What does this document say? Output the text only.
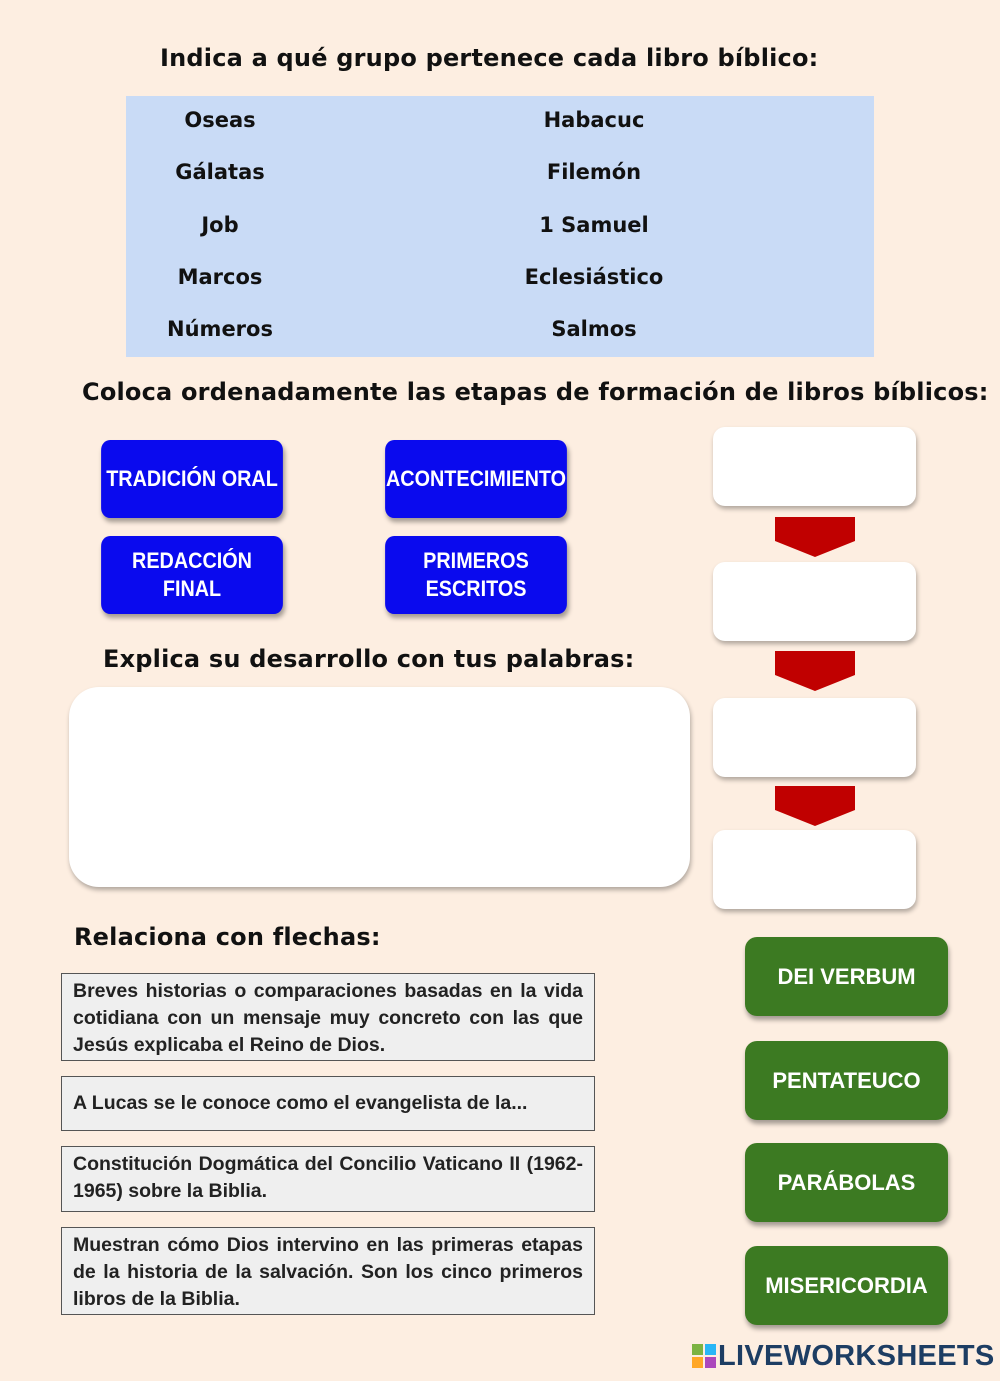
Indica a qué grupo pertenece cada libro bíblico:
Oseas
Gálatas
Job
Marcos
Números
Habacuc
Filemón
1 Samuel
Eclesiástico
Salmos
Coloca ordenadamente las etapas de formación de libros bíblicos:
TRADICIÓN ORAL	ACONTECIMIENTO
REDACCIÓN FINAL
PRIMEROS ESCRITOS
Explica su desarrollo con tus palabras:
Relaciona con flechas:
Breves historias o comparaciones basadas en la vida cotidiana con un mensaje muy concreto con las que Jesús explicaba el Reino de Dios.
A Lucas se le conoce como el evangelista de la...
Constitución Dogmática del Concilio Vaticano II (1962-1965) sobre la Biblia.
Muestran cómo Dios intervino en las primeras etapas de la historia de la salvación. Son los cinco primeros libros de la Biblia.
DEI VERBUM
PENTATEUCO
PARÁBOLAS
MISERICORDIA
LIVEWORKSHEETS
